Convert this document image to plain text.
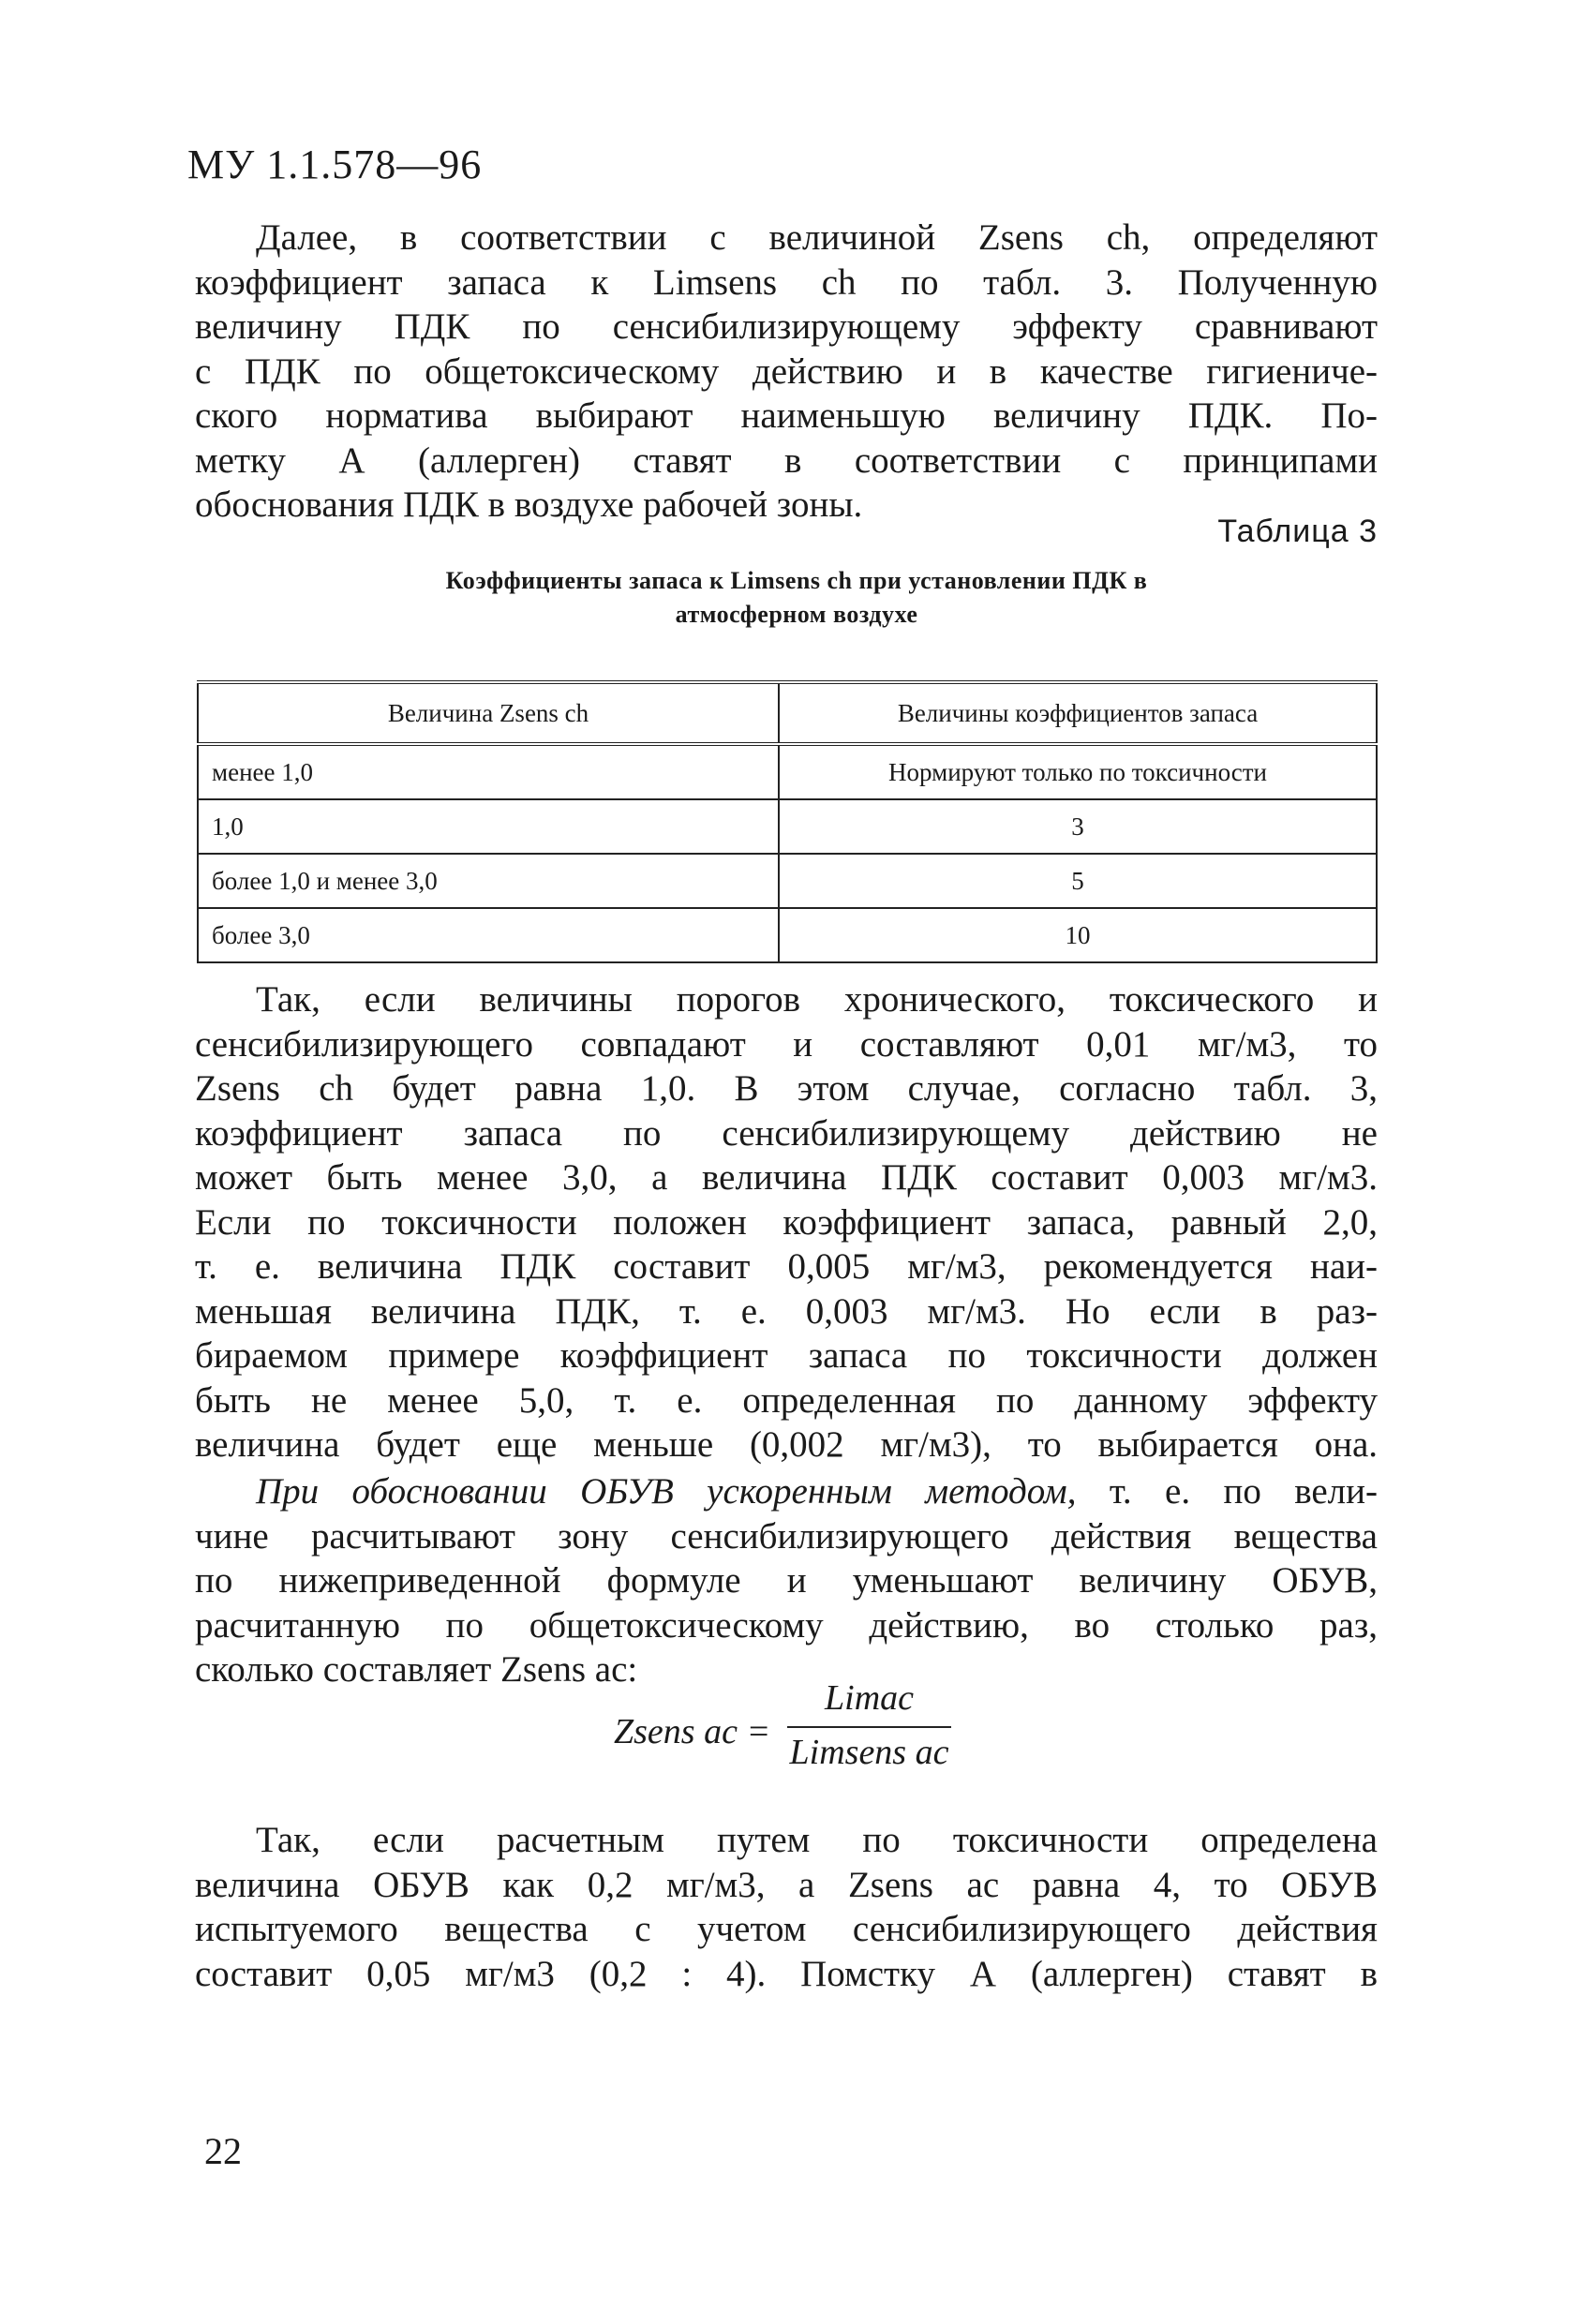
МУ 1.1.578—96
Далее, в соответствии с величиной Zsens ch, определяют
коэффициент запаса к Limsens ch по табл. 3. Полученную
величину ПДК по сенсибилизирующему эффекту сравнивают
с ПДК по общетоксическому действию и в качестве гигиениче-
ского норматива выбирают наименьшую величину ПДК. По-
метку А (аллерген) ставят в соответствии с принципами
обоснования ПДК в воздухе рабочей зоны.
Таблица 3
Коэффициенты запаса к Limsens ch при установлении ПДК в
атмосферном воздухе
Величина Zsens ch	Величины коэффициентов запаса
менее 1,0	Нормируют только по токсичности
1,0	3
более 1,0 и менее 3,0	5
более 3,0	10
Так, если величины порогов хронического, токсического и
сенсибилизирующего совпадают и составляют 0,01 мг/м3, то
Zsens ch будет равна 1,0. В этом случае, согласно табл. 3,
коэффициент запаса по сенсибилизирующему действию не
может быть менее 3,0, а величина ПДК составит 0,003 мг/м3.
Если по токсичности положен коэффициент запаса, равный 2,0,
т. е. величина ПДК составит 0,005 мг/м3, рекомендуется наи-
меньшая величина ПДК, т. е. 0,003 мг/м3. Но если в раз-
бираемом примере коэффициент запаса по токсичности должен
быть не менее 5,0, т. е. определенная по данному эффекту
величина будет еще меньше (0,002 мг/м3), то выбирается она.
При обосновании ОБУВ ускоренным методом, т. е. по вели-
чине расчитывают зону сенсибилизирующего действия вещества
по нижеприведенной формуле и уменьшают величину ОБУВ,
расчитанную по общетоксическому действию, во столько раз,
сколько составляет Zsens ac:
Zsens ac =
Limac
Limsens ac
Так, если расчетным путем по токсичности определена
величина ОБУВ как 0,2 мг/м3, а Zsens ac равна 4, то ОБУВ
испытуемого вещества с учетом сенсибилизирующего действия
составит 0,05 мг/м3 (0,2 : 4). Помстку А (аллерген) ставят в
22
